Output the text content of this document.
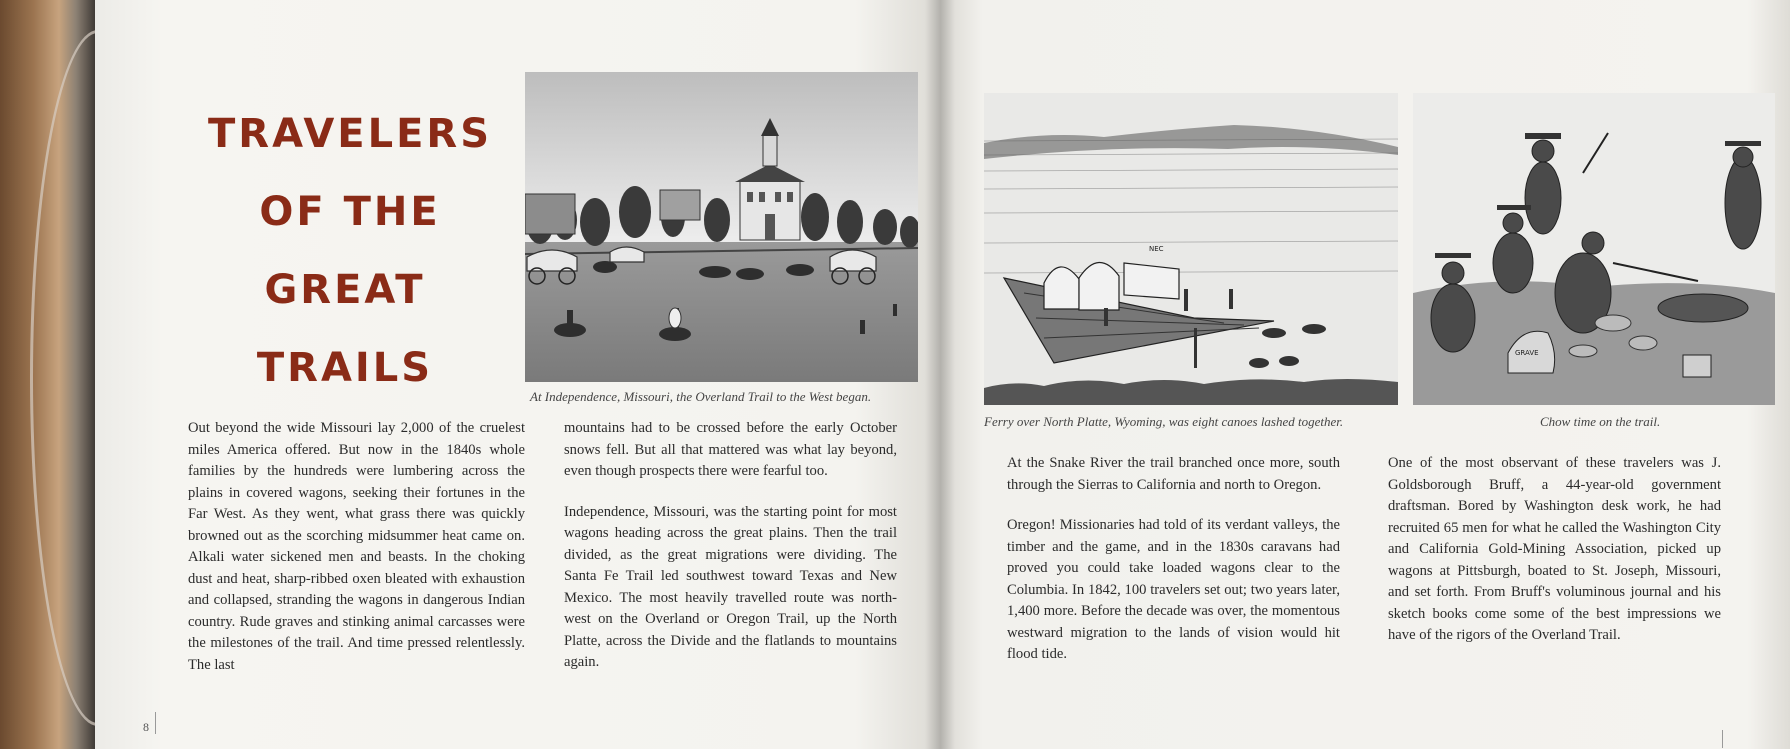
TRAVELERS
OF THE
GREAT TRAILS
At Independence, Missouri, the Overland Trail to the West began.

Out beyond the wide Missouri lay 2,000 of the cruelest miles America offered. But now in the 1840s whole families by the hundreds were lumbering across the plains in covered wagons, seeking their fortunes in the Far West. As they went, what grass there was quickly browned out as the scorching midsummer heat came on. Alkali water sickened men and beasts. In the choking dust and heat, sharp-ribbed oxen bleated with exhaustion and collapsed, stranding the wagons in dangerous Indian country. Rude graves and stinking animal carcasses were the milestones of the trail. And time pressed relentlessly. The last

mountains had to be crossed before the early October snows fell. But all that mattered was what lay beyond, even though prospects there were fearful too.

Independence, Missouri, was the starting point for most wagons heading across the great plains. Then the trail divided, as the great migrations were dividing. The Santa Fe Trail led southwest toward Texas and New Mexico. The most heavily travelled route was north-west on the Overland or Oregon Trail, up the North Platte, across the Divide and the flatlands to mountains again.

8
NEC
GRAVE
Ferry over North Platte, Wyoming, was eight canoes lashed together.	Chow time on the trail.

At the Snake River the trail branched once more, south through the Sierras to California and north to Oregon.

Oregon! Missionaries had told of its verdant valleys, the timber and the game, and in the 1830s caravans had proved you could take loaded wagons clear to the Columbia. In 1842, 100 travelers set out; two years later, 1,400 more. Before the decade was over, the momentous westward migration to the lands of vision would hit flood tide.

One of the most observant of these travelers was J. Goldsborough Bruff, a 44-year-old government draftsman. Bored by Washington desk work, he had recruited 65 men for what he called the Washington City and California Gold-Mining Association, picked up wagons at Pittsburgh, boated to St. Joseph, Missouri, and set forth. From Bruff's voluminous journal and his sketch books come some of the best impressions we have of the rigors of the Overland Trail.
